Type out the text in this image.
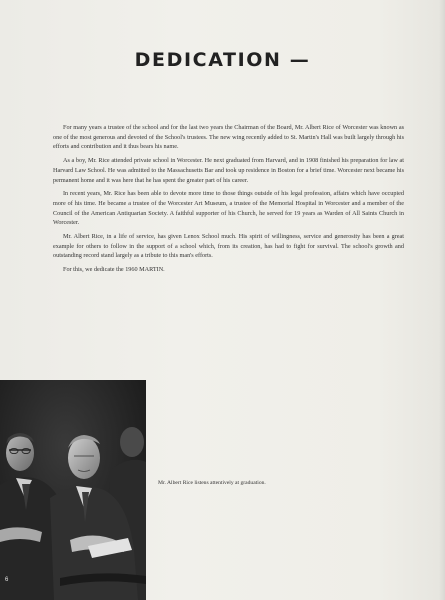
DEDICATION —

For many years a trustee of the school and for the last two years the Chairman of the Board, Mr. Albert Rice of Worcester was known as one of the most generous and devoted of the School's trustees. The new wing recently added to St. Martin's Hall was built largely through his efforts and contribution and it thus bears his name.

As a boy, Mr. Rice attended private school in Worcester. He next graduated from Harvard, and in 1908 finished his preparation for law at Harvard Law School. He was admitted to the Massachusetts Bar and took up residence in Boston for a brief time. Worcester next became his permanent home and it was here that he has spent the greater part of his career.

In recent years, Mr. Rice has been able to devote more time to those things outside of his legal profession, affairs which have occupied more of his time. He became a trustee of the Worcester Art Museum, a trustee of the Memorial Hospital in Worcester and a member of the Council of the American Antiquarian Society. A faithful supporter of his Church, he served for 19 years as Warden of All Saints Church in Worcester.

Mr. Albert Rice, in a life of service, has given Lenox School much. His spirit of willingness, service and generosity has been a great example for others to follow in the support of a school which, from its creation, has had to fight for survival. The school's growth and outstanding record stand largely as a tribute to this man's efforts.

For this, we dedicate the 1960 MARTIN.

Mr. Albert Rice listens attentively at graduation.
6
